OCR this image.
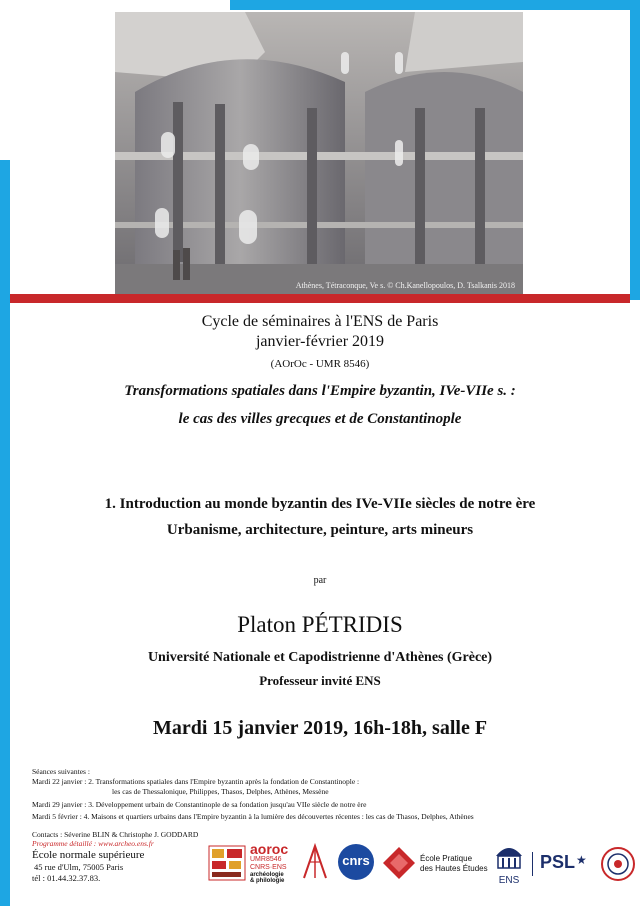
Athènes, Tétraconque, Ve s. © Ch.Kanellopoulos, D. Tsalkanis 2018
Cycle de séminaires à l'ENS de Paris
janvier-février 2019
(AOrOc - UMR 8546)
Transformations spatiales dans l'Empire byzantin, IVe-VIIe s. :
le cas des villes grecques et de Constantinople
1. Introduction au monde byzantin des IVe-VIIe siècles de notre ère
Urbanisme, architecture, peinture, arts mineurs
par
Platon PÉTRIDIS
Université Nationale et Capodistrienne d'Athènes (Grèce)
Professeur invité ENS
Mardi 15 janvier 2019, 16h-18h, salle F
Séances suivantes :
Mardi 22 janvier : 2. Transformations spatiales dans l'Empire byzantin après la fondation de Constantinople :
les cas de Thessalonique, Philippes, Thasos, Delphes, Athènes, Messène
Mardi 29 janvier : 3. Développement urbain de Constantinople de sa fondation jusqu'au VIIe siècle de notre ère
Mardi 5 février : 4. Maisons et quartiers urbains dans l'Empire byzantin à la lumière des découvertes récentes : les cas de Thasos, Delphes, Athènes
Contacts : Séverine BLIN & Christophe J. GODDARD
Programme détaillé : www.archeo.ens.fr
École normale supérieure
45 rue d'Ulm, 75005 Paris
tél : 01.44.32.37.83.
aoroc
UMR8546
CNRS·ENS
archéologie
& philologie
cnrs	École Pratique
des Hautes Études
ENS
PSL ★
